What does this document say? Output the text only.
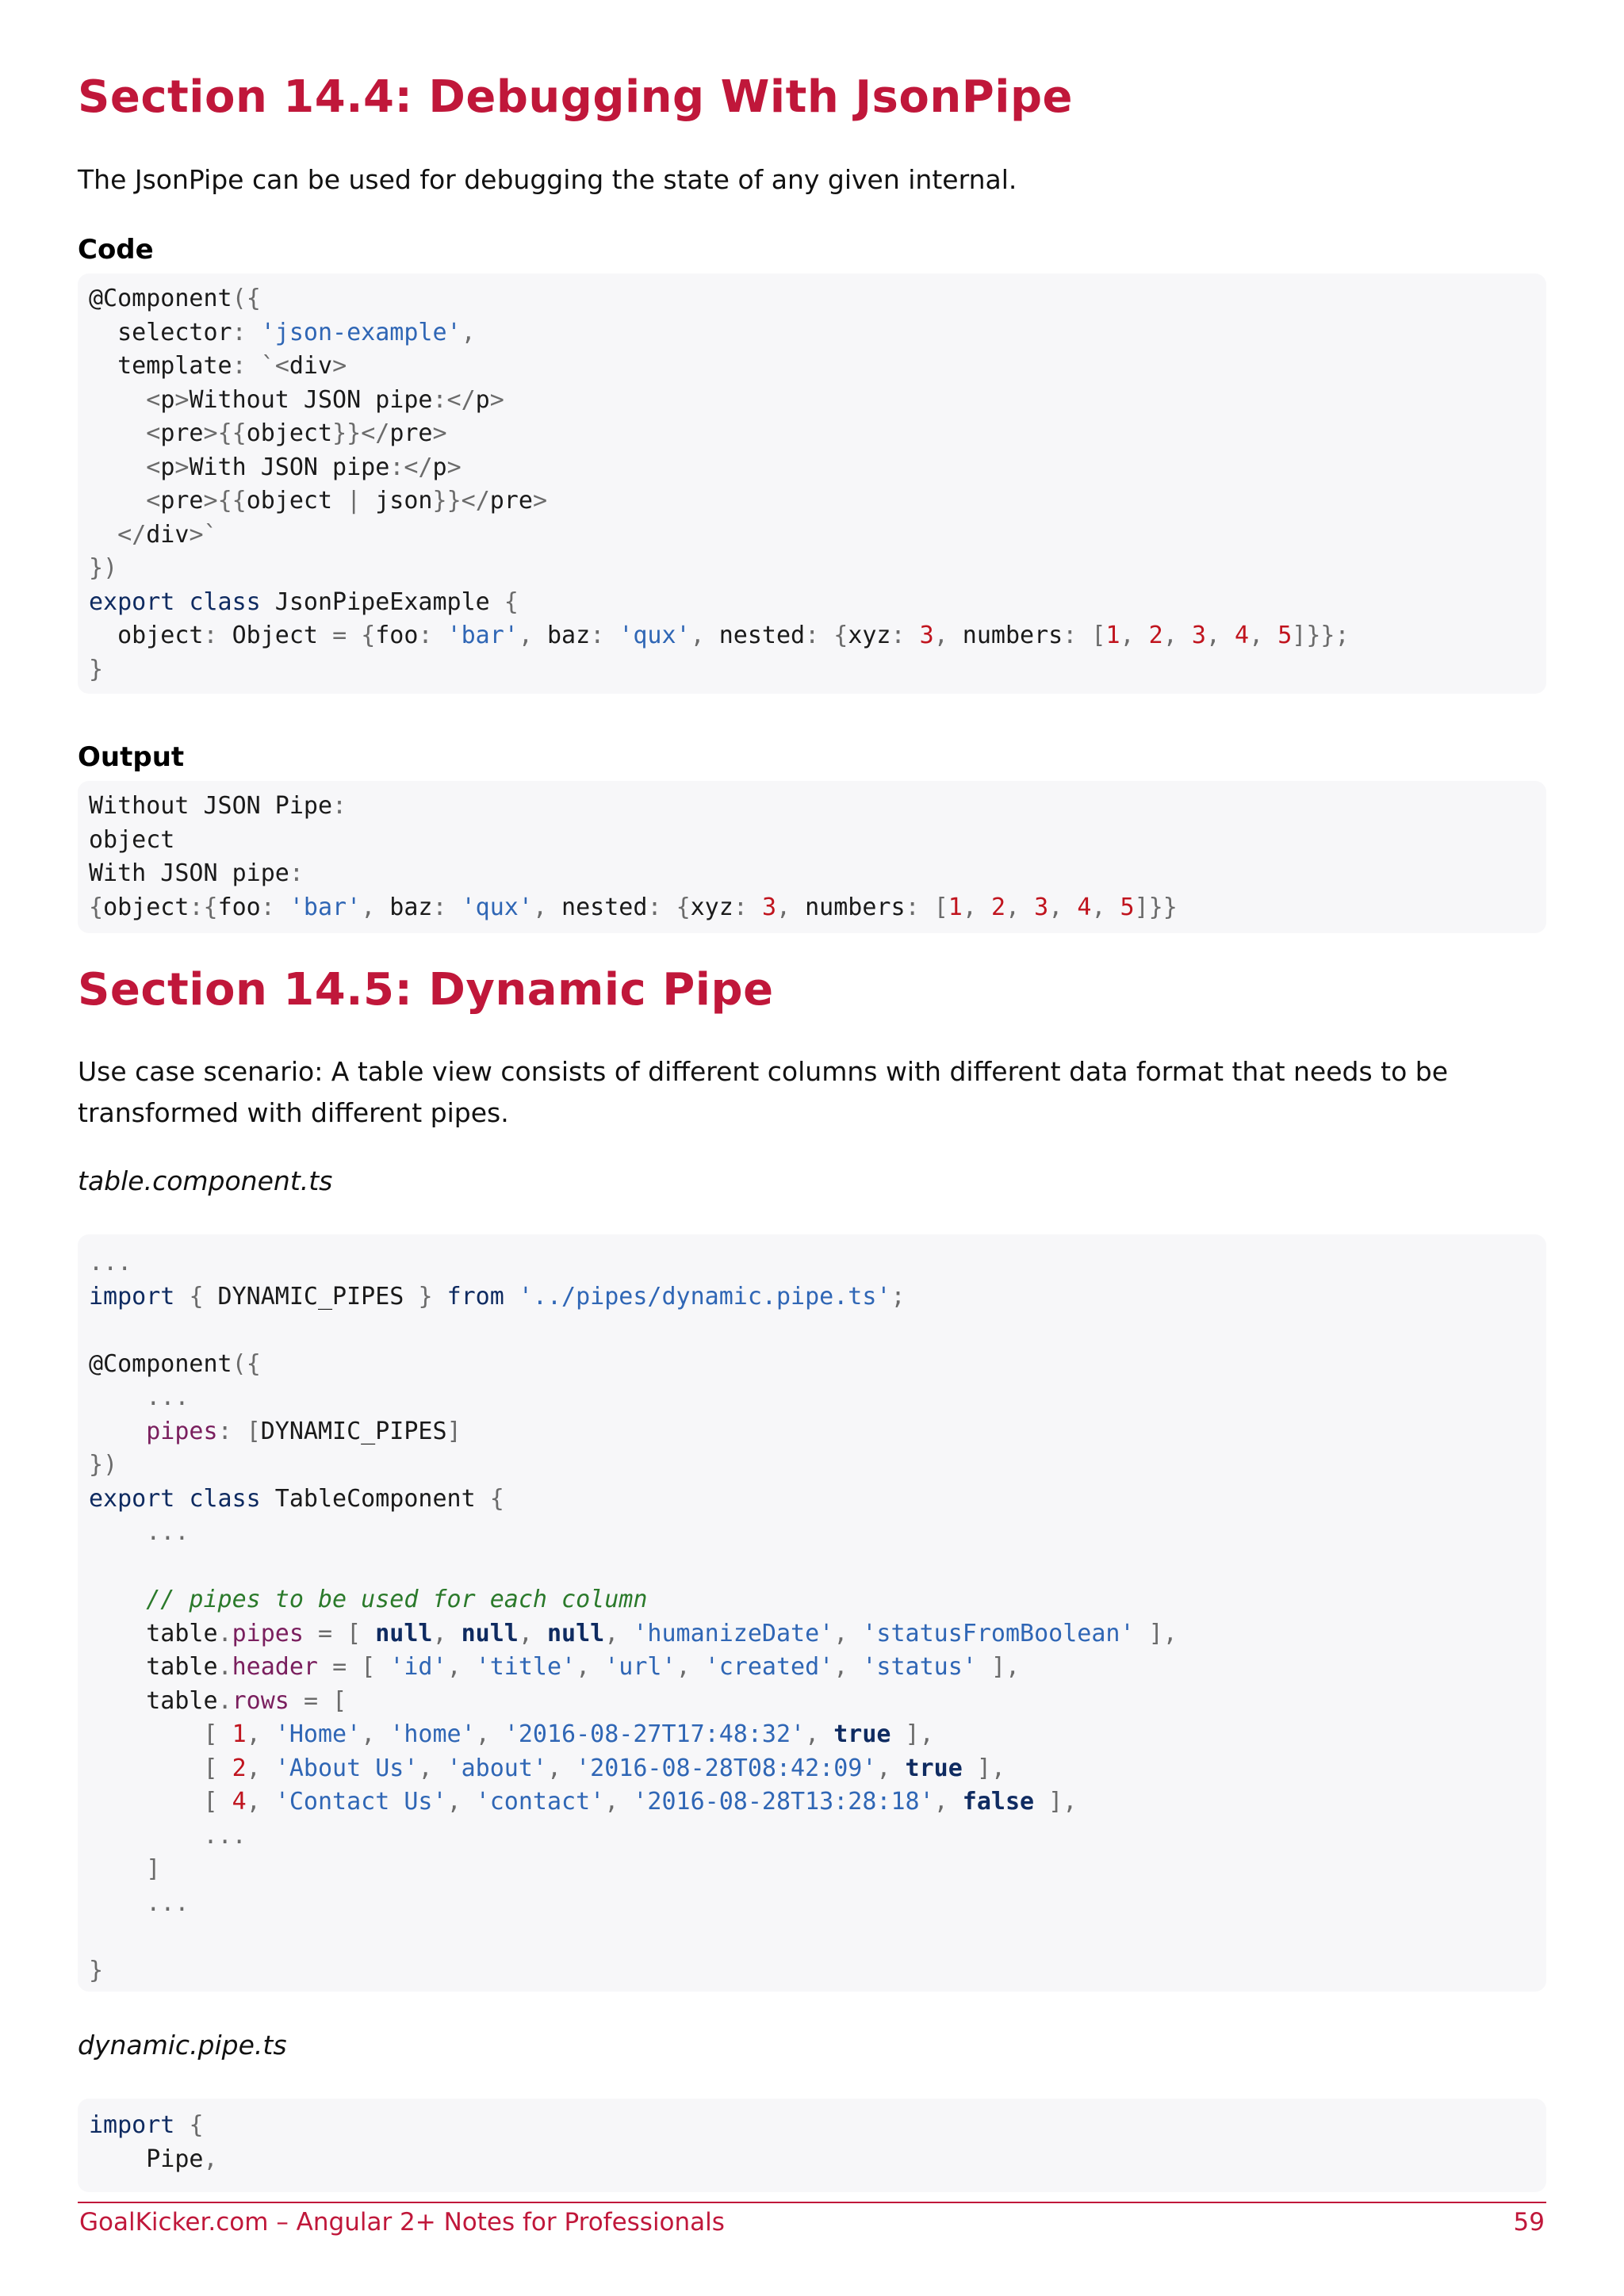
Section 14.4: Debugging With JsonPipe

The JsonPipe can be used for debugging the state of any given internal.

Code

@Component({
selector: 'json-example',
template: `<div>
<p>Without JSON pipe:</p>
<pre>{{object}}</pre>
<p>With JSON pipe:</p>
<pre>{{object | json}}</pre>
</div>`
})
export class JsonPipeExample {
object: Object = {foo: 'bar', baz: 'qux', nested: {xyz: 3, numbers: [1, 2, 3, 4, 5]}};
}

Output

Without JSON Pipe:
object
With JSON pipe:
{object:{foo: 'bar', baz: 'qux', nested: {xyz: 3, numbers: [1, 2, 3, 4, 5]}}
Section 14.5: Dynamic Pipe

Use case scenario: A table view consists of different columns with different data format that needs to be transformed with different pipes.

table.component.ts

...
import { DYNAMIC_PIPES } from '../pipes/dynamic.pipe.ts';

@Component({
...
pipes: [DYNAMIC_PIPES]
})
export class TableComponent {
...

// pipes to be used for each column
table.pipes = [ null, null, null, 'humanizeDate', 'statusFromBoolean' ],
table.header = [ 'id', 'title', 'url', 'created', 'status' ],
table.rows = [
[ 1, 'Home', 'home', '2016-08-27T17:48:32', true ],
[ 2, 'About Us', 'about', '2016-08-28T08:42:09', true ],
[ 4, 'Contact Us', 'contact', '2016-08-28T13:28:18', false ],
...
]
...

}

dynamic.pipe.ts

import {
Pipe,
GoalKicker.com – Angular 2+ Notes for Professionals	59
